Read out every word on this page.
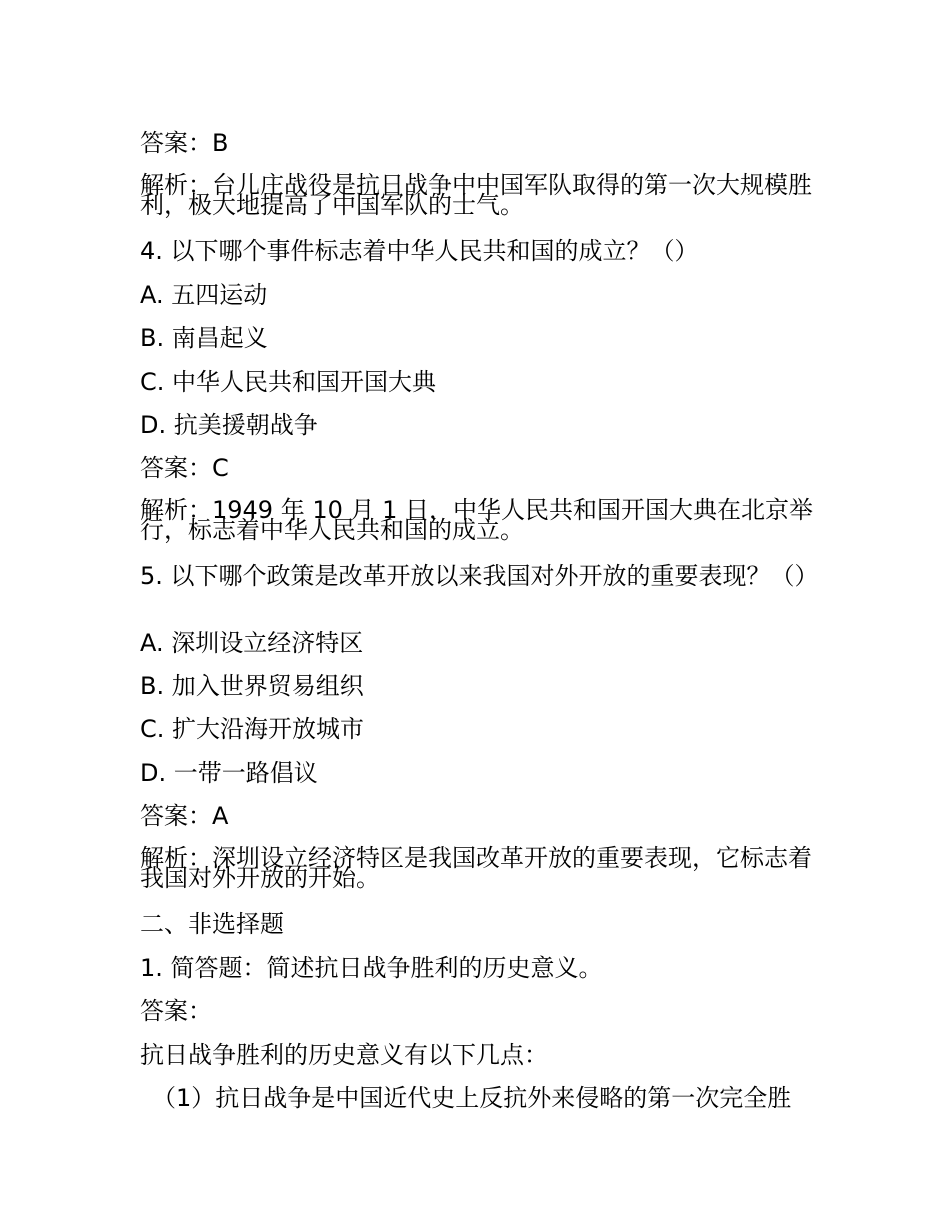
答案：B
解析：台儿庄战役是抗日战争中中国军队取得的第一次大规模胜利，极大地提高了中国军队的士气。
4. 以下哪个事件标志着中华人民共和国的成立？（）
A. 五四运动
B. 南昌起义
C. 中华人民共和国开国大典
D. 抗美援朝战争
答案：C
解析：1949 年 10 月 1 日，中华人民共和国开国大典在北京举行，标志着中华人民共和国的成立。
5. 以下哪个政策是改革开放以来我国对外开放的重要表现？（）
A. 深圳设立经济特区
B. 加入世界贸易组织
C. 扩大沿海开放城市
D. 一带一路倡议
答案：A
解析：深圳设立经济特区是我国改革开放的重要表现，它标志着我国对外开放的开始。
二、非选择题
1. 简答题：简述抗日战争胜利的历史意义。
答案：
抗日战争胜利的历史意义有以下几点：
（1）抗日战争是中国近代史上反抗外来侵略的第一次完全胜
